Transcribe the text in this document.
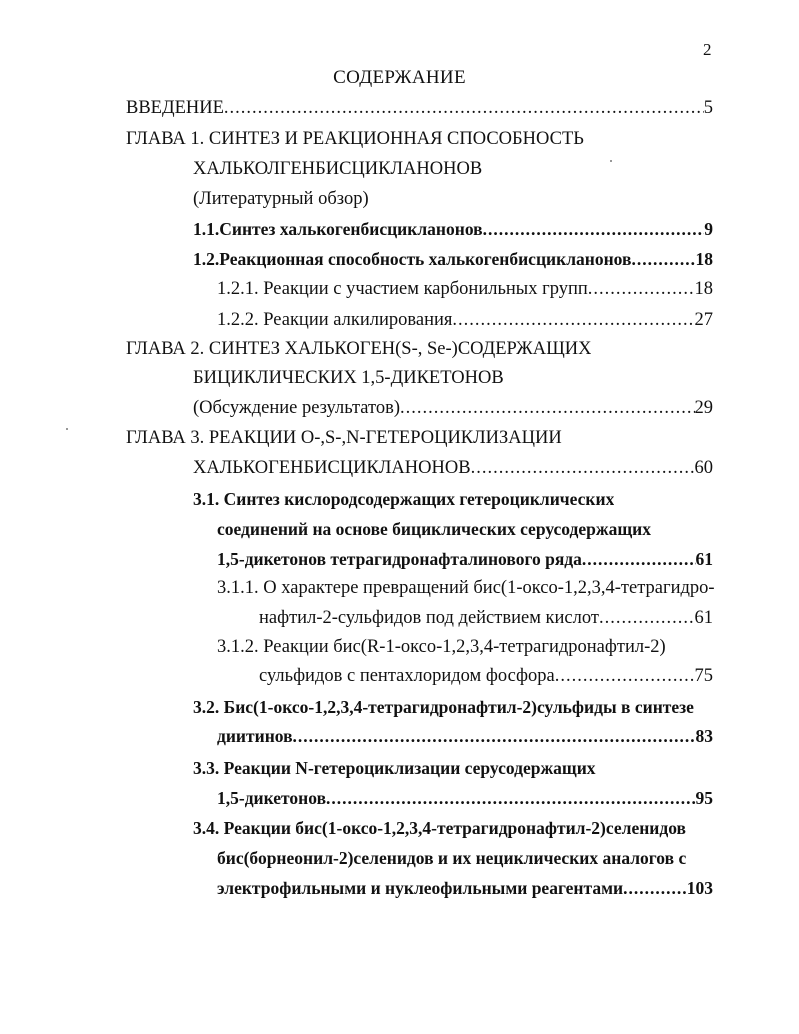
2
СОДЕРЖАНИЕ
ВВЕДЕНИЕ .....	5
ГЛАВА 1. СИНТЕЗ И РЕАКЦИОННАЯ СПОСОБНОСТЬ
ХАЛЬКОЛГЕНБИСЦИКЛАНОНОВ
(Литературный обзор)
1.1.Синтез халькогенбисцикланонов .....	9
1.2.Реакционная способность халькогенбисцикланонов .....	18
1.2.1. Реакции с участием карбонильных групп .....	18
1.2.2. Реакции алкилирования .....	27
ГЛАВА 2. СИНТЕЗ ХАЛЬКОГЕН(S-, Se-)СОДЕРЖАЩИХ
БИЦИКЛИЧЕСКИХ 1,5-ДИКЕТОНОВ
(Обсуждение результатов) .....	29
ГЛАВА 3. РЕАКЦИИ О-,S-,N-ГЕТЕРОЦИКЛИЗАЦИИ
ХАЛЬКОГЕНБИСЦИКЛАНОНОВ .....	60
3.1. Синтез кислородсодержащих гетероциклических
соединений на основе бициклических серусодержащих
1,5-дикетонов тетрагидронафталинового ряда .....	61
3.1.1. О характере превращений бис(1-оксо-1,2,3,4-тетрагидро-
нафтил-2-сульфидов под действием кислот .....	61
3.1.2. Реакции бис(R-1-оксо-1,2,3,4-тетрагидронафтил-2)
сульфидов с пентахлоридом фосфора .....	75
3.2. Бис(1-оксо-1,2,3,4-тетрагидронафтил-2)сульфиды в синтезе
диитинов .....	83
3.3. Реакции N-гетероциклизации серусодержащих
1,5-дикетонов .....	95
3.4. Реакции бис(1-оксо-1,2,3,4-тетрагидронафтил-2)селенидов
бис(борнеонил-2)селенидов и их нециклических аналогов с
электрофильными и нуклеофильными реагентами .....	103
